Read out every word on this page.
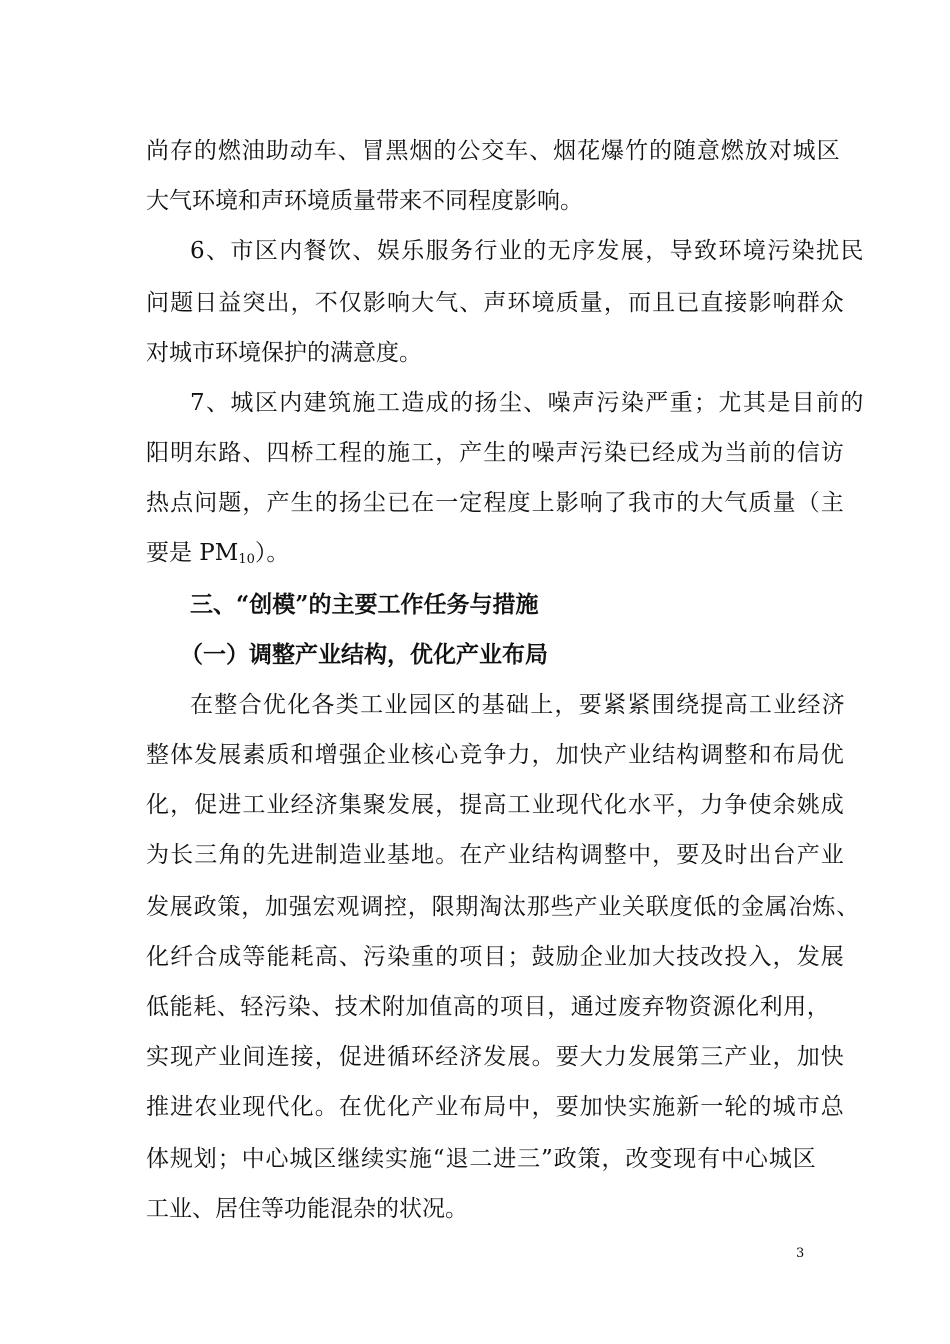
尚存的燃油助动车、冒黑烟的公交车、烟花爆竹的随意燃放对城区
大气环境和声环境质量带来不同程度影响。
6、市区内餐饮、娱乐服务行业的无序发展，导致环境污染扰民
问题日益突出，不仅影响大气、声环境质量，而且已直接影响群众
对城市环境保护的满意度。
7、城区内建筑施工造成的扬尘、噪声污染严重；尤其是目前的
阳明东路、四桥工程的施工，产生的噪声污染已经成为当前的信访
热点问题，产生的扬尘已在一定程度上影响了我市的大气质量（主
要是 $PM_{10}$）。
三、“创模”的主要工作任务与措施
（一）调整产业结构，优化产业布局
在整合优化各类工业园区的基础上，要紧紧围绕提高工业经济
整体发展素质和增强企业核心竞争力，加快产业结构调整和布局优
化，促进工业经济集聚发展，提高工业现代化水平，力争使余姚成
为长三角的先进制造业基地。在产业结构调整中，要及时出台产业
发展政策，加强宏观调控，限期淘汰那些产业关联度低的金属冶炼、
化纤合成等能耗高、污染重的项目；鼓励企业加大技改投入，发展
低能耗、轻污染、技术附加值高的项目，通过废弃物资源化利用，
实现产业间连接，促进循环经济发展。要大力发展第三产业，加快
推进农业现代化。在优化产业布局中，要加快实施新一轮的城市总
体规划；中心城区继续实施“退二进三”政策，改变现有中心城区
工业、居住等功能混杂的状况。
3
